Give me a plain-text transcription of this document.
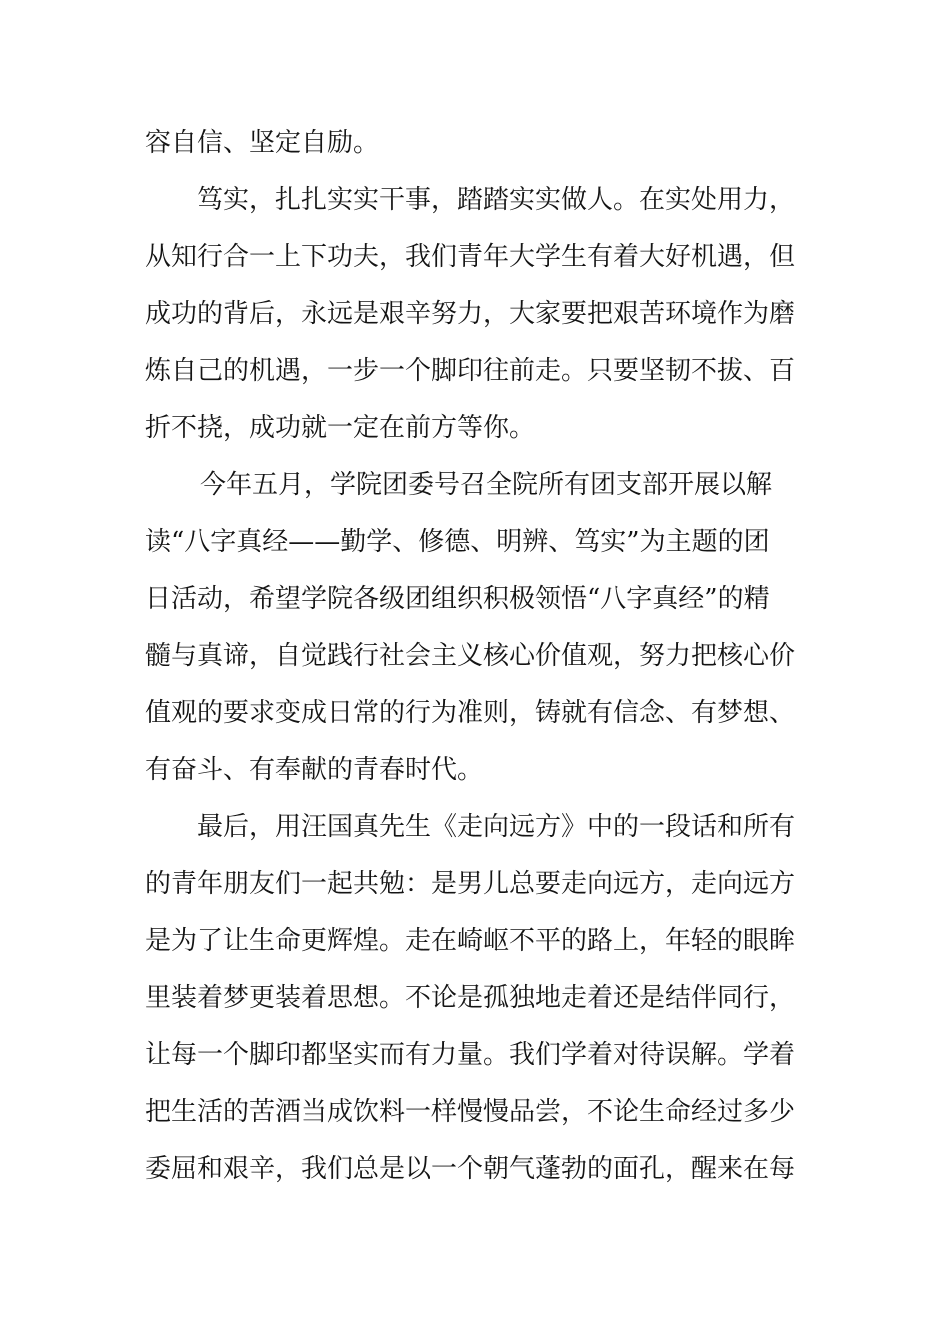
容自信、坚定自励。

笃实，扎扎实实干事，踏踏实实做人。在实处用力，

从知行合一上下功夫，我们青年大学生有着大好机遇，但

成功的背后，永远是艰辛努力，大家要把艰苦环境作为磨

炼自己的机遇，一步一个脚印往前走。只要坚韧不拔、百

折不挠，成功就一定在前方等你。

今年五月，学院团委号召全院所有团支部开展以解

读“八字真经——勤学、修德、明辨、笃实”为主题的团

日活动，希望学院各级团组织积极领悟“八字真经”的精

髓与真谛，自觉践行社会主义核心价值观，努力把核心价

值观的要求变成日常的行为准则，铸就有信念、有梦想、

有奋斗、有奉献的青春时代。

最后，用汪国真先生《走向远方》中的一段话和所有

的青年朋友们一起共勉：是男儿总要走向远方，走向远方

是为了让生命更辉煌。走在崎岖不平的路上，年轻的眼眸

里装着梦更装着思想。不论是孤独地走着还是结伴同行，

让每一个脚印都坚实而有力量。我们学着对待误解。学着

把生活的苦酒当成饮料一样慢慢品尝，不论生命经过多少

委屈和艰辛，我们总是以一个朝气蓬勃的面孔，醒来在每
